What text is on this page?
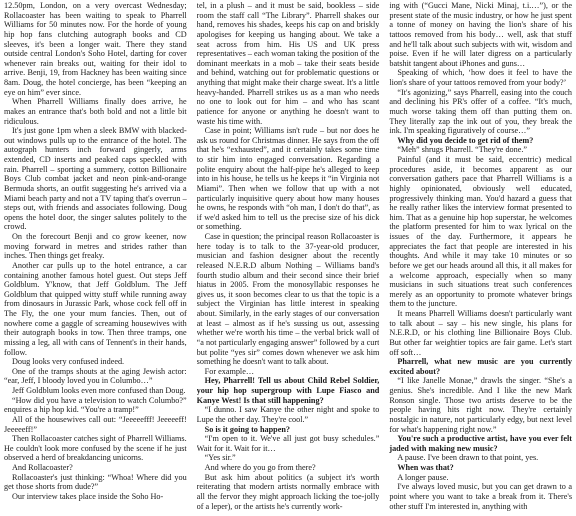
12.50pm, London, on a very overcast Wednesday; Rollacoaster has been waiting to speak to Pharrell Williams for 50 minutes now. For the horde of young hip hop fans clutching autograph books and CD sleeves, it's been a longer wait. There they stand outside central London's Soho Hotel, darting for cover whenever rain breaks out, waiting for their idol to arrive. Benji, 19, from Hackney has been waiting since 8am. Doug, the hotel concierge, has been “keeping an eye on him” ever since.

When Pharrell Williams finally does arrive, he makes an entrance that's both bold and not a little bit ridiculous.

It's just gone 1pm when a sleek BMW with blacked-out windows pulls up to the entrance of the hotel. The autograph hunters inch forward gingerly, arms extended, CD inserts and peaked caps speckled with rain. Pharrell – sporting a summery, cotton Billionaire Boys Club combat jacket and neon pink-and-orange Bermuda shorts, an outfit suggesting he's arrived via a Miami beach party and not a TV taping that's overrun – steps out, with friends and associates following. Doug opens the hotel door, the singer salutes politely to the crowd.

On the forecourt Benji and co grow keener, now moving forward in metres and strides rather than inches. Then things get freaky.

Another car pulls up to the hotel entrance, a car containing another famous hotel guest. Out steps Jeff Goldblum. Y'know, that Jeff Goldblum. The Jeff Goldblum that quipped witty stuff while running away from dinosaurs in Jurassic Park, whose cock fell off in The Fly, the one your mum fancies. Then, out of nowhere come a gaggle of screaming housewives with their autograph books in tow. Then three tramps, one missing a leg, all with cans of Tennent's in their hands, follow.

Doug looks very confused indeed.

One of the tramps shouts at the aging Jewish actor: “ear, Jeff, I bloody loved you in Columbo…”

Jeff Goldblum looks even more confused than Doug.

“How did you have a television to watch Columbo?” enquires a hip hop kid. “You're a tramp!”

All of the housewives call out: “Jeeeeefff! Jeeeeeff! Jeeeeeff!”

Then Rollacoaster catches sight of Pharrell Williams. He couldn't look more confused by the scene if he just observed a herd of breakdancing unicorns.

And Rollacoaster?

Rollacoaster's just thinking: “Whoa! Where did you get those shorts from dude?”

Our interview takes place inside the Soho Ho-

tel, in a plush – and it must be said, bookless – side room the staff call “The Library”. Pharrell shakes our hand, removes his shades, keeps his cap on and briskly apologises for keeping us hanging about. We take a seat across from him. His US and UK press representatives – each woman taking the position of the dominant meerkats in a mob – take their seats beside and behind, watching out for problematic questions or anything that might make their charge sweat. It's a little heavy-handed. Pharrell strikes us as a man who needs no one to look out for him – and who has scant patience for anyone or anything he doesn't want to waste his time with.

Case in point; Williams isn't rude – but nor does he ask us round for Christmas dinner. He says from the off that he's “exhausted”, and it certainly takes some time to stir him into engaged conversation. Regarding a polite enquiry about the half-pipe he's alleged to keep into in his house, he tells us he keeps it “in Virginia not Miami”. Then when we follow that up with a not particularly inquisitive query about how many houses he owns, he responds with “oh man, I don't do that”, as if we'd asked him to tell us the precise size of his dick or something.

Case in question; the principal reason Rollacoaster is here today is to talk to the 37-year-old producer, musician and fashion designer about the recently released N.E.R.D album Nothing – Williams band's fourth studio album and their second since their brief hiatus in 2005. From the monosyllabic responses he gives us, it soon becomes clear to us that the topic is a subject the Virginian has little interest in speaking about. Similarly, in the early stages of our conversation at least – almost as if he's sussing us out, assessing whether we're worth his time – the verbal brick wall of “a not particularly engaging answer” followed by a curt but polite “yes sir” comes down whenever we ask him something he doesn't want to talk about.

For example…

Hey, Pharrell! Tell us about Child Rebel Soldier, your hip hop supergroup with Lupe Fiasco and Kanye West! Is that still happening?

“I dunno. I saw Kanye the other night and spoke to Lupe the other day. They're cool.”

So is it going to happen?

“I'm open to it. We've all just got busy schedules.” Wait for it. Wait for it…

“Yes sir.”

And where do you go from there?

But ask him about politics (a subject it's worth reiterating that modern artists normally embrace with all the fervor they might approach licking the toe-jolly of a leper), or the artists he's currently work-

ing with (“Gucci Mane, Nicki Minaj, t.i.…”), or the present state of the music industry, or how he just spent a tonne of money on having the lion's share of his tattoos removed from his body… well, ask that stuff and he'll talk about such subjects with wit, wisdom and poise. Even if he will later digress on a particularly batshit tangent about iPhones and guns…

Speaking of which, ‘how does it feel to have the lion's share of your tattoos removed from your body?’

“It's agonizing,” says Pharrell, easing into the couch and declining his PR's offer of a coffee. “It's much, much worse taking them off than putting them on. They literally zap the ink out of you, they break the ink. I'm speaking figuratively of course…”

Why did you decide to get rid of them?

“Meh” shrugs Pharrell. “They're done.”

Painful (and it must be said, eccentric) medical procedures aside, it becomes apparent as our conversation gathers pace that Pharrell Williams is a highly opinionated, obviously well educated, progressively thinking man. You'd hazard a guess that he really rather likes the interview format presented to him. That as a genuine hip hop superstar, he welcomes the platform presented for him to wax lyrical on the issues of the day. Furthermore, it appears he appreciates the fact that people are interested in his thoughts. And while it may take 10 minutes or so before we get our heads around all this, it all makes for a welcome approach, especially when so many musicians in such situations treat such conferences merely as an opportunity to promote whatever brings them to the juncture.

It means Pharrell Williams doesn't particularly want to talk about – say – his new single, his plans for N.E.R.D, or his clothing line Billionaire Boys Club. But other far weightier topics are fair game. Let's start off soft…

Pharrell, what new music are you currently excited about?

“I like Janelle Monae,” drawls the singer. “She's a genius. She's incredible. And I like the new Mark Ronson single. Those two artists deserve to be the people having hits right now. They're certainly nostalgic in nature, not particularly edgy, but next level for what's happening right now.”

You're such a productive artist, have you ever felt jaded with making new music?

A pause. I've been drawn to that point, yes.

When was that?

A longer pause.

I've always loved music, but you can get drawn to a point where you want to take a break from it. There's other stuff I'm interested in, anything with
